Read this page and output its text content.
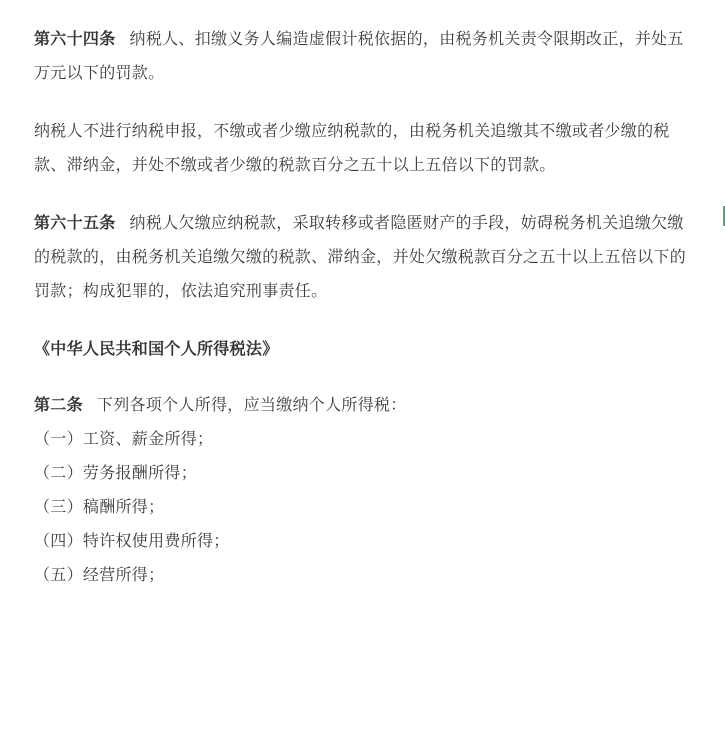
第六十四条 纳税人、扣缴义务人编造虚假计税依据的，由税务机关责令限期改正，并处五万元以下的罚款。

纳税人不进行纳税申报，不缴或者少缴应纳税款的，由税务机关追缴其不缴或者少缴的税款、滞纳金，并处不缴或者少缴的税款百分之五十以上五倍以下的罚款。

第六十五条 纳税人欠缴应纳税款，采取转移或者隐匿财产的手段，妨碍税务机关追缴欠缴的税款的，由税务机关追缴欠缴的税款、滞纳金，并处欠缴税款百分之五十以上五倍以下的罚款；构成犯罪的，依法追究刑事责任。

《中华人民共和国个人所得税法》

第二条 下列各项个人所得，应当缴纳个人所得税：

（一）工资、薪金所得；

（二）劳务报酬所得；

（三）稿酬所得；

（四）特许权使用费所得；

（五）经营所得；
